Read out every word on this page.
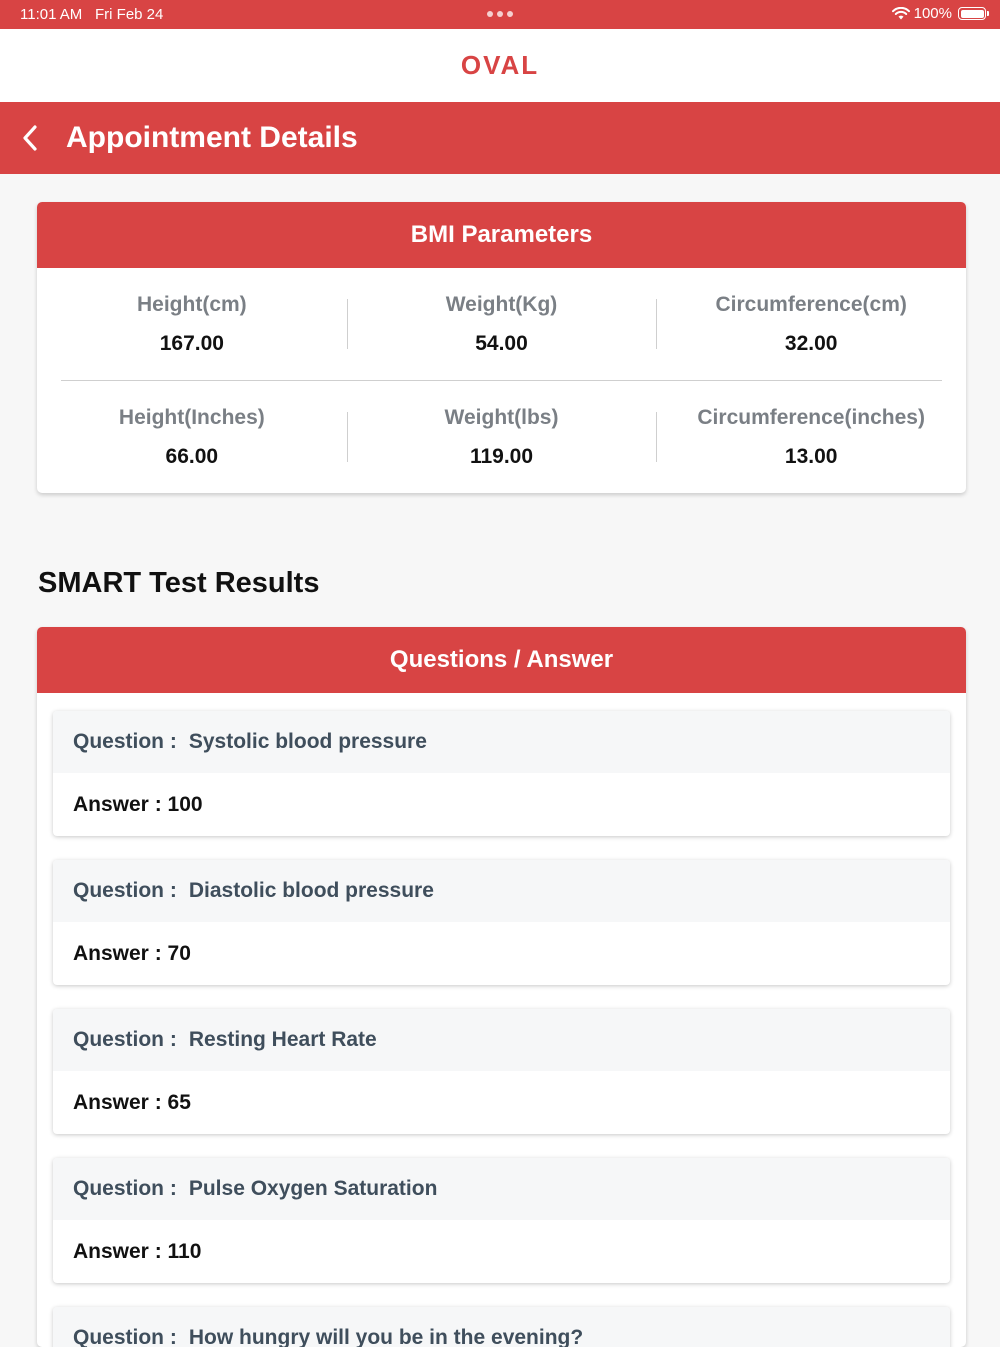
11:01 AM Fri Feb 24	100%
OVAL
Appointment Details
BMI Parameters
Height(cm)
167.00
Weight(Kg)
54.00
Circumference(cm)
32.00
Height(Inches)
66.00
Weight(lbs)
119.00
Circumference(inches)
13.00
SMART Test Results
Questions / Answer
Question : Systolic blood pressure
Answer :
100
Question : Diastolic blood pressure
Answer :
70
Question : Resting Heart Rate
Answer :
65
Question : Pulse Oxygen Saturation
Answer :
110
Question : How hungry will you be in the evening?
